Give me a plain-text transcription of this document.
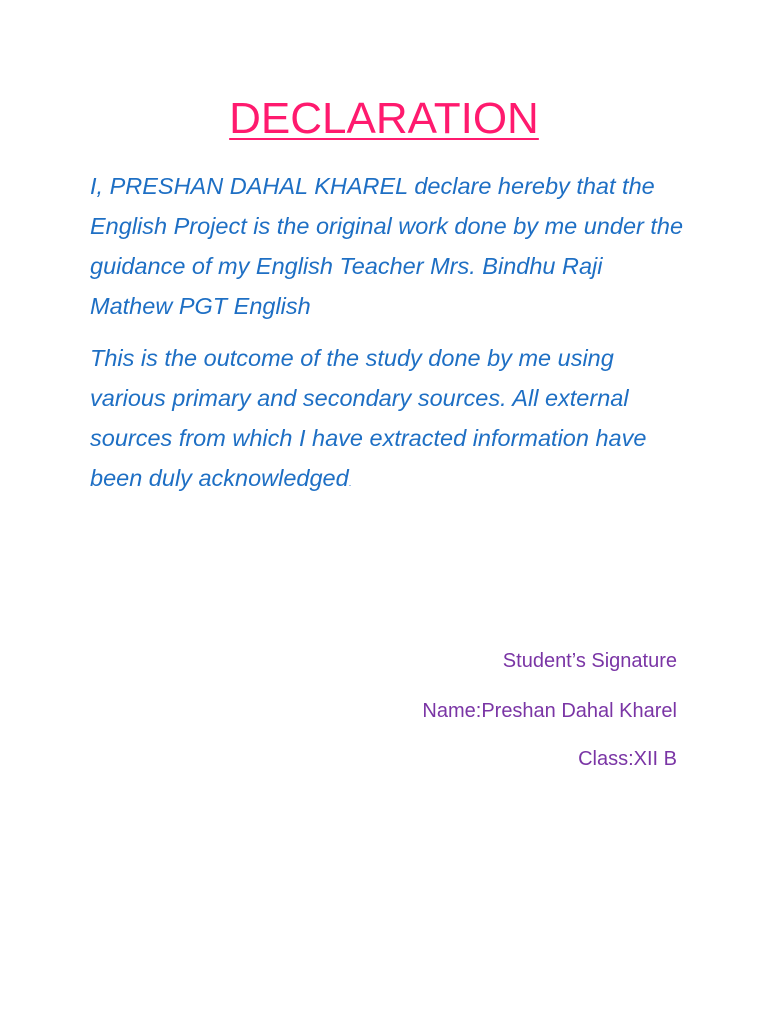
DECLARATION

I, PRESHAN DAHAL KHAREL declare hereby that the English Project is the original work done by me under the guidance of my English Teacher Mrs. Bindhu Raji Mathew PGT English

This is the outcome of the study done by me using various primary and secondary sources. All external sources from which I have extracted information have been duly acknowledged.

Student’s Signature

Name:Preshan Dahal Kharel

Class:XII B
